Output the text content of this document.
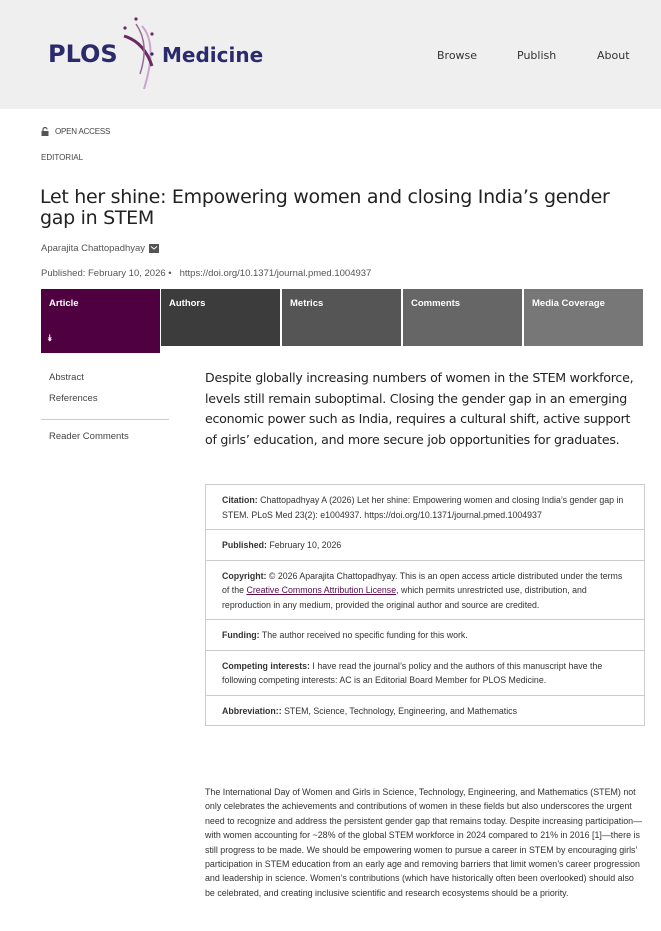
PLOS Medicine	Browse	Publish	About
OPEN ACCESS
EDITORIAL
Let her shine: Empowering women and closing India’s gender gap in STEM
Aparajita Chattopadhyay
Published: February 10, 2026 • https://doi.org/10.1371/journal.pmed.1004937
Article
⯯
Authors	Metrics	Comments	Media Coverage
Abstract
References
Reader Comments
Despite globally increasing numbers of women in the STEM workforce, levels still remain suboptimal. Closing the gender gap in an emerging economic power such as India, requires a cultural shift, active support of girls’ education, and more secure job opportunities for graduates.
Citation: Chattopadhyay A (2026) Let her shine: Empowering women and closing India’s gender gap in STEM. PLoS Med 23(2): e1004937. https://doi.org/10.1371/journal.pmed.1004937
Published: February 10, 2026
Copyright: © 2026 Aparajita Chattopadhyay. This is an open access article distributed under the terms of the Creative Commons Attribution License, which permits unrestricted use, distribution, and reproduction in any medium, provided the original author and source are credited.
Funding: The author received no specific funding for this work.
Competing interests: I have read the journal’s policy and the authors of this manuscript have the following competing interests: AC is an Editorial Board Member for PLOS Medicine.
Abbreviation:: STEM, Science, Technology, Engineering, and Mathematics

The International Day of Women and Girls in Science, Technology, Engineering, and Mathematics (STEM) not only celebrates the achievements and contributions of women in these fields but also underscores the urgent need to recognize and address the persistent gender gap that remains today. Despite increasing participation—with women accounting for ~28% of the global STEM workforce in 2024 compared to 21% in 2016 [1]—there is still progress to be made. We should be empowering women to pursue a career in STEM by encouraging girls’ participation in STEM education from an early age and removing barriers that limit women’s career progression and leadership in science. Women’s contributions (which have historically often been overlooked) should also be celebrated, and creating inclusive scientific and research ecosystems should be a priority.
